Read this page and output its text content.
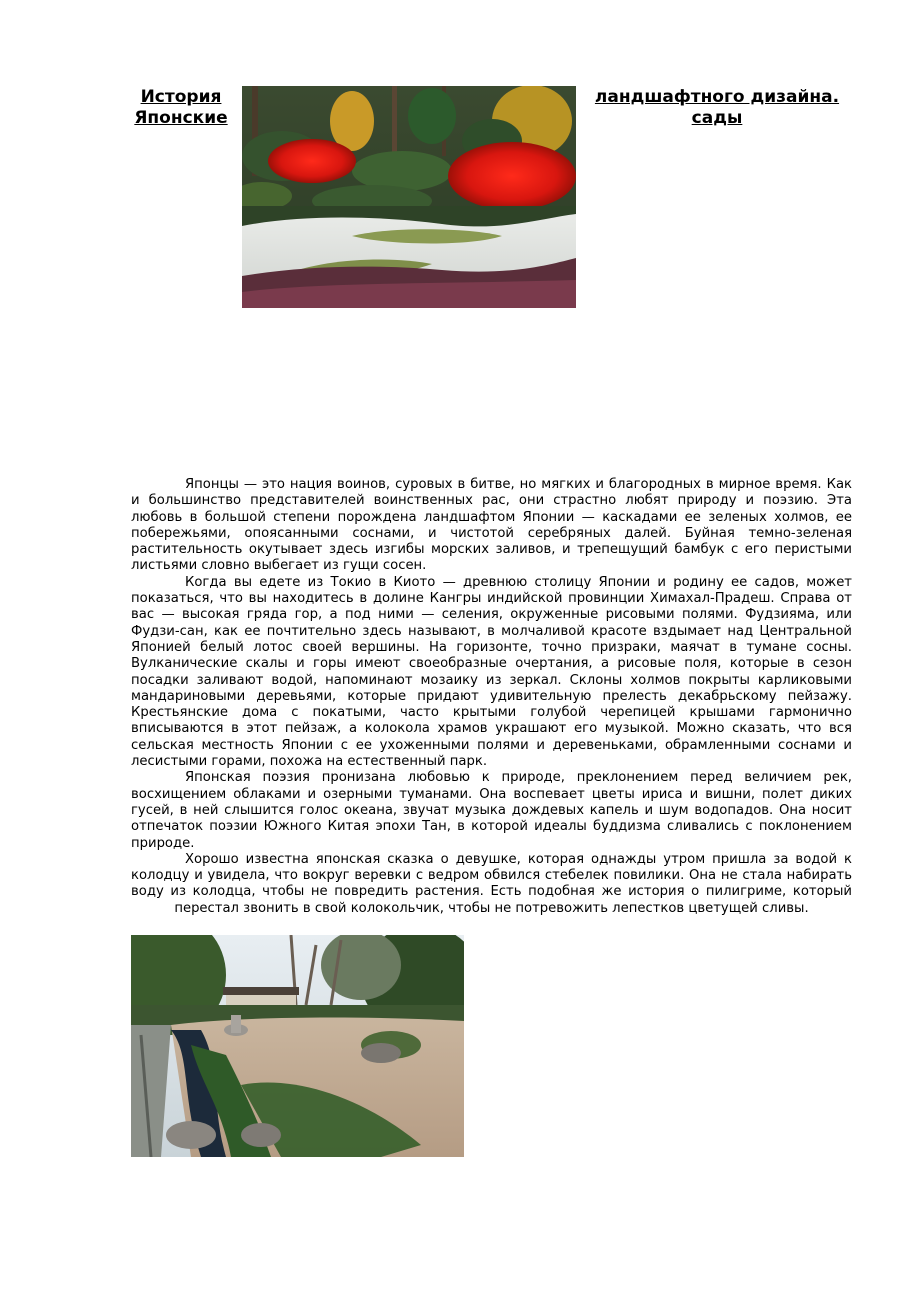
История
Японские
ландшафтного дизайна.
сады

Японцы — это нация воинов, суровых в битве, но мягких и благородных в мирное время. Как и большинство представителей воинственных рас, они страстно любят природу и поэзию. Эта любовь в большой степени порождена ландшафтом Японии — каскадами ее зеленых холмов, ее побережьями, опоясанными соснами, и чистотой серебряных далей. Буйная темно-зеленая растительность окутывает здесь изгибы морских заливов, и трепещущий бамбук с его перистыми листьями словно выбегает из гущи сосен.

Когда вы едете из Токио в Киото — древнюю столицу Японии и родину ее садов, может показаться, что вы находитесь в долине Кангры индийской провинции Химахал-Прадеш. Справа от вас — высокая гряда гор, а под ними — селения, окруженные рисовыми полями. Фудзияма, или Фудзи-сан, как ее почтительно здесь называют, в молчаливой красоте вздымает над Центральной Японией белый лотос своей вершины. На горизонте, точно призраки, маячат в тумане сосны. Вулканические скалы и горы имеют своеобразные очертания, а рисовые поля, которые в сезон посадки заливают водой, напоминают мозаику из зеркал. Склоны холмов покрыты карликовыми мандариновыми деревьями, которые придают удивительную прелесть декабрьскому пейзажу. Крестьянские дома с покатыми, часто крытыми голубой черепицей крышами гармонично вписываются в этот пейзаж, а колокола храмов украшают его музыкой. Можно сказать, что вся сельская местность Японии с ее ухоженными полями и деревеньками, обрамленными соснами и лесистыми горами, похожа на естественный парк.

Японская поэзия пронизана любовью к природе, преклонением перед величием рек, восхищением облаками и озерными туманами. Она воспевает цветы ириса и вишни, полет диких гусей, в ней слышится голос океана, звучат музыка дождевых капель и шум водопадов. Она носит отпечаток поэзии Южного Китая эпохи Тан, в которой идеалы буддизма сливались с поклонением природе.

Хорошо известна японская сказка о девушке, которая однажды утром пришла за водой к колодцу и увидела, что вокруг веревки с ведром обвился стебелек повилики. Она не стала набирать воду из колодца, чтобы не повредить растения. Есть подобная же история о пилигриме, который перестал звонить в свой колокольчик, чтобы не потревожить лепестков цветущей сливы.
